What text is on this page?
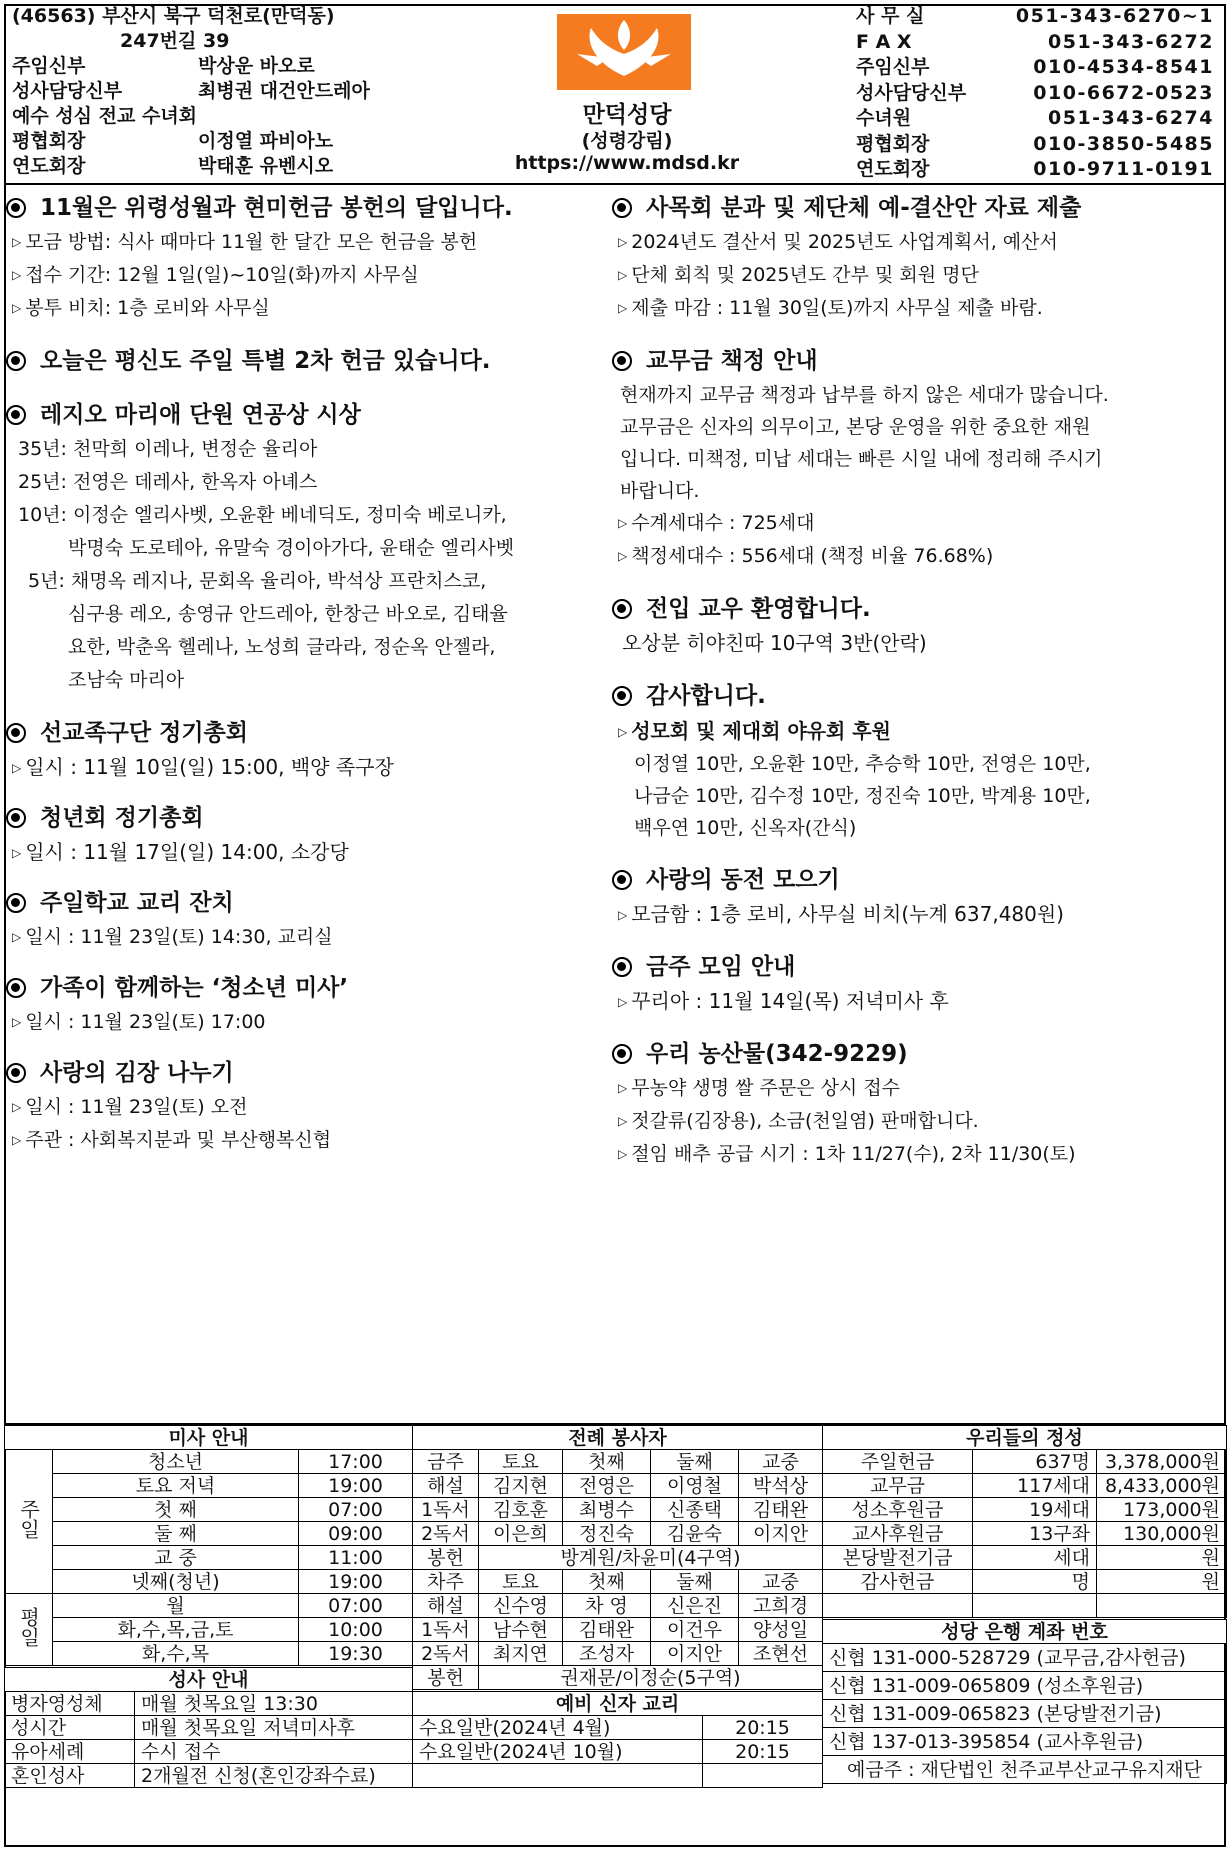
(46563) 부산시 북구 덕천로(만덕동)
247번길 39
주임신부	박상운 바오로
성사담당신부	최병권 대건안드레아
예수 성심 전교 수녀회
평협회장	이정열 파비아노
연도회장	박태훈 유벤시오
만덕성당
(성령강림)
https://www.mdsd.kr
사 무 실	051-343-6270~1
F A X	051-343-6272
주임신부	010-4534-8541
성사담당신부	010-6672-0523
수녀원	051-343-6274
평협회장	010-3850-5485
연도회장	010-9711-0191
11월은 위령성월과 현미헌금 봉헌의 달입니다.
▷ 모금 방법: 식사 때마다 11월 한 달간 모은 헌금을 봉헌
▷ 접수 기간: 12월 1일(일)~10일(화)까지 사무실
▷ 봉투 비치: 1층 로비와 사무실
오늘은 평신도 주일 특별 2차 헌금 있습니다.
레지오 마리애 단원 연공상 시상
35년: 천막희 이레나, 변정순 율리아
25년: 전영은 데레사, 한옥자 아녜스
10년: 이정순 엘리사벳, 오윤환 베네딕도, 정미숙 베로니카,
박명숙 도로테아, 유말숙 경이아가다, 윤태순 엘리사벳
5년: 채명옥 레지나, 문회옥 율리아, 박석상 프란치스코,
심구용 레오, 송영규 안드레아, 한창근 바오로, 김태율
요한, 박춘옥 헬레나, 노성희 글라라, 정순옥 안젤라,
조남숙 마리아
선교족구단 정기총회
▷ 일시 : 11월 10일(일) 15:00, 백양 족구장
청년회 정기총회
▷ 일시 : 11월 17일(일) 14:00, 소강당
주일학교 교리 잔치
▷ 일시 : 11월 23일(토) 14:30, 교리실
가족이 함께하는 ‘청소년 미사’
▷ 일시 : 11월 23일(토) 17:00
사랑의 김장 나누기
▷ 일시 : 11월 23일(토) 오전
▷ 주관 : 사회복지분과 및 부산행복신협
사목회 분과 및 제단체 예-결산안 자료 제출
▷ 2024년도 결산서 및 2025년도 사업계획서, 예산서
▷ 단체 회칙 및 2025년도 간부 및 회원 명단
▷ 제출 마감 : 11월 30일(토)까지 사무실 제출 바람.
교무금 책정 안내
현재까지 교무금 책정과 납부를 하지 않은 세대가 많습니다.
교무금은 신자의 의무이고, 본당 운영을 위한 중요한 재원
입니다. 미책정, 미납 세대는 빠른 시일 내에 정리해 주시기
바랍니다.
▷ 수계세대수 : 725세대
▷ 책정세대수 : 556세대 (책정 비율 76.68%)
전입 교우 환영합니다.
오상분 히야친따 10구역 3반(안락)
감사합니다.
▷ 성모회 및 제대회 야유회 후원
이정열 10만, 오윤환 10만, 추승학 10만, 전영은 10만,
나금순 10만, 김수정 10만, 정진숙 10만, 박계용 10만,
백우연 10만, 신옥자(간식)
사랑의 동전 모으기
▷ 모금함 : 1층 로비, 사무실 비치(누계 637,480원)
금주 모임 안내
▷ 꾸리아 : 11월 14일(목) 저녁미사 후
우리 농산물(342-9229)
▷ 무농약 생명 쌀 주문은 상시 접수
▷ 젓갈류(김장용), 소금(천일염) 판매합니다.
▷ 절임 배추 공급 시기 : 1차 11/27(수), 2차 11/30(토)
미사 안내		
주일	청소년	17:00
	토요 저녁	19:00
	첫 째	07:00
	둘 째	09:00
	교 중	11:00
	넷째(청년)	19:00
평일	월	07:00
	화,수,목,금,토	10:00
	화,수,목	19:30
성사 안내	
병자영성체	매월 첫목요일 13:30
성시간	매월 첫목요일 저녁미사후
유아세례	수시 접수
혼인성사	2개월전 신청(혼인강좌수료)
전례 봉사자				
금주	토요	첫째	둘째	교중
해설	김지현	전영은	이영철	박석상
1독서	김호훈	최병수	신종택	김태완
2독서	이은희	정진숙	김윤숙	이지안
봉헌	방계원/차윤미(4구역)			
차주	토요	첫째	둘째	교중
해설	신수영	차 영	신은진	고희경
1독서	남수현	김태완	이건우	양성일
2독서	최지연	조성자	이지안	조현선
봉헌	권재문/이정순(5구역)			
예비 신자 교리	
수요일반(2024년 4월)	20:15
수요일반(2024년 10월)	20:15

우리들의 정성		
주일헌금	637명	3,378,000원
교무금	117세대	8,433,000원
성소후원금	19세대	173,000원
교사후원금	13구좌	130,000원
본당발전기금	세대	원
감사헌금	명	원

성당 은행 계좌 번호
신협 131-000-528729 (교무금,감사헌금)
신협 131-009-065809 (성소후원금)
신협 131-009-065823 (본당발전기금)
신협 137-013-395854 (교사후원금)
예금주 : 재단법인 천주교부산교구유지재단
